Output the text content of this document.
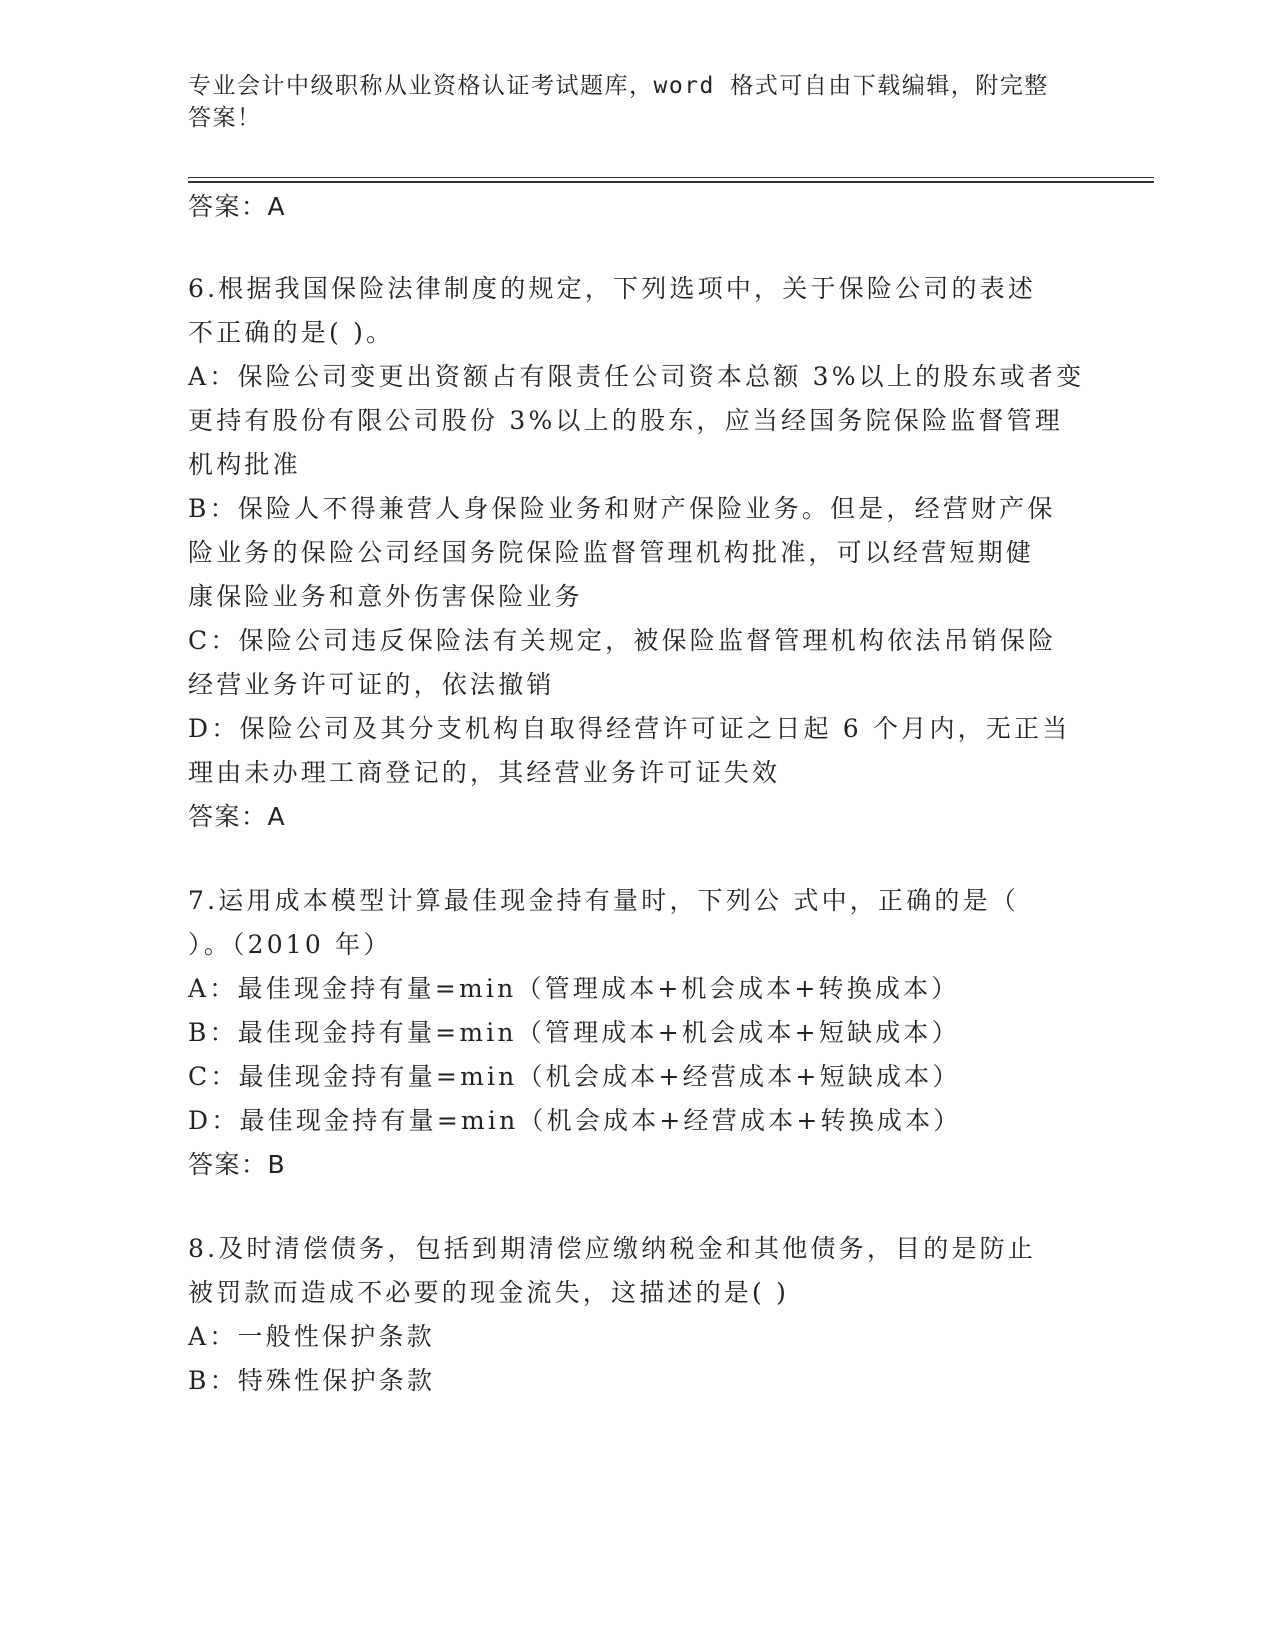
专业会计中级职称从业资格认证考试题库，word 格式可自由下载编辑，附完整答案！
答案：A
6.根据我国保险法律制度的规定，下列选项中，关于保险公司的表述
不正确的是( )。
A：保险公司变更出资额占有限责任公司资本总额 3%以上的股东或者变
更持有股份有限公司股份 3%以上的股东，应当经国务院保险监督管理
机构批准
B：保险人不得兼营人身保险业务和财产保险业务。但是，经营财产保
险业务的保险公司经国务院保险监督管理机构批准，可以经营短期健
康保险业务和意外伤害保险业务
C：保险公司违反保险法有关规定，被保险监督管理机构依法吊销保险
经营业务许可证的，依法撤销
D：保险公司及其分支机构自取得经营许可证之日起 6 个月内，无正当
理由未办理工商登记的，其经营业务许可证失效
答案：A
7.运用成本模型计算最佳现金持有量时，下列公 式中，正确的是（
）。（2010 年）
A：最佳现金持有量=min（管理成本+机会成本+转换成本）
B：最佳现金持有量=min（管理成本+机会成本+短缺成本）
C：最佳现金持有量=min（机会成本+经营成本+短缺成本）
D：最佳现金持有量=min（机会成本+经营成本+转换成本）
答案：B
8.及时清偿债务，包括到期清偿应缴纳税金和其他债务，目的是防止
被罚款而造成不必要的现金流失，这描述的是( )
A：一般性保护条款
B：特殊性保护条款
